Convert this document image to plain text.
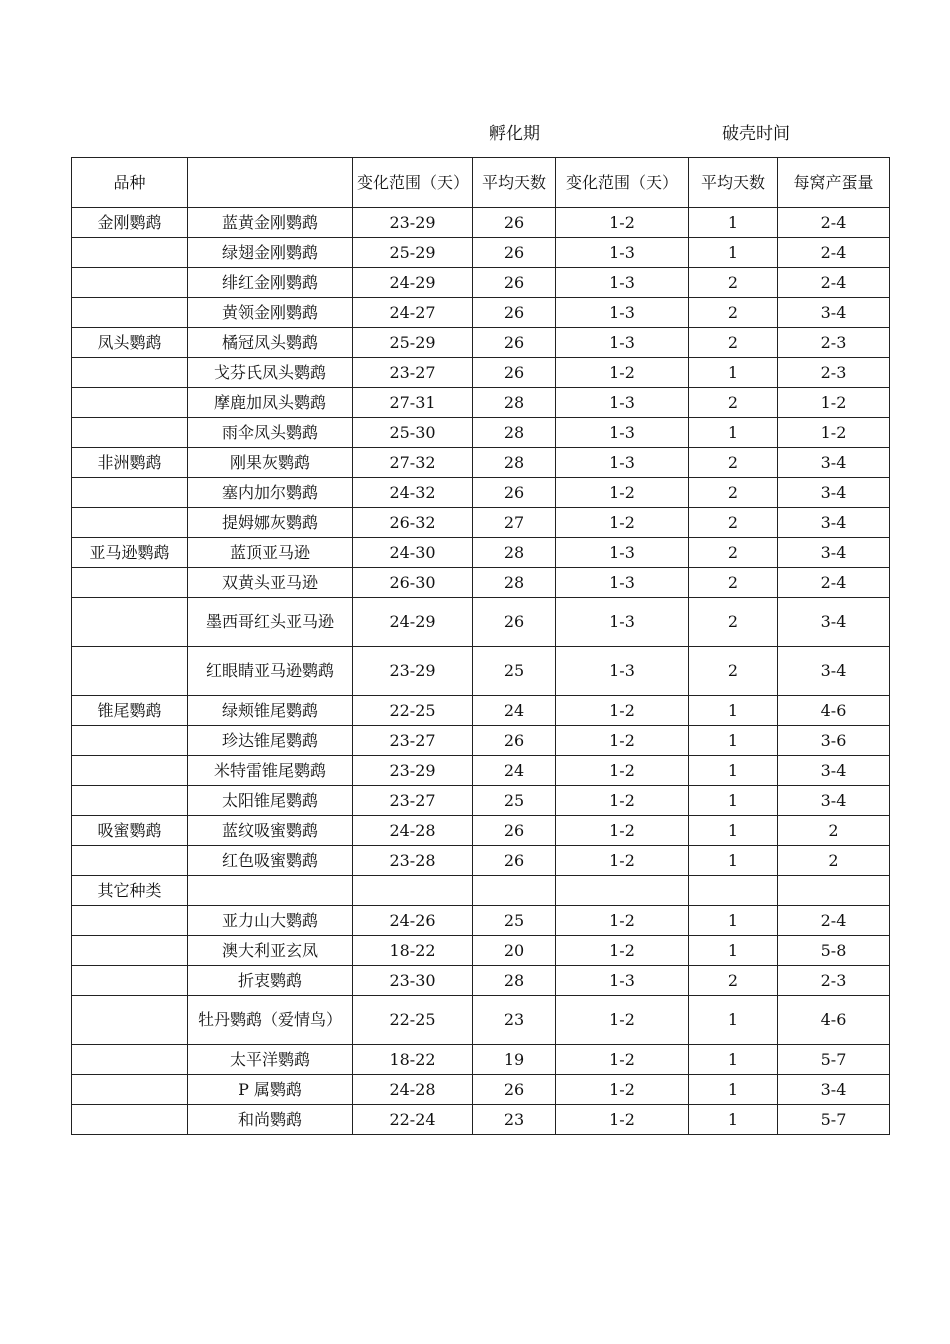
孵化期	破壳时间
品种		变化范围（天）	平均天数	变化范围（天）	平均天数	每窝产蛋量
金刚鹦鹉	蓝黄金刚鹦鹉	23-29	26	1-2	1	2-4
	绿翅金刚鹦鹉	25-29	26	1-3	1	2-4
	绯红金刚鹦鹉	24-29	26	1-3	2	2-4
	黄领金刚鹦鹉	24-27	26	1-3	2	3-4
凤头鹦鹉	橘冠凤头鹦鹉	25-29	26	1-3	2	2-3
	戈芬氏凤头鹦鹉	23-27	26	1-2	1	2-3
	摩鹿加凤头鹦鹉	27-31	28	1-3	2	1-2
	雨伞凤头鹦鹉	25-30	28	1-3	1	1-2
非洲鹦鹉	刚果灰鹦鹉	27-32	28	1-3	2	3-4
	塞内加尔鹦鹉	24-32	26	1-2	2	3-4
	提姆娜灰鹦鹉	26-32	27	1-2	2	3-4
亚马逊鹦鹉	蓝顶亚马逊	24-30	28	1-3	2	3-4
	双黄头亚马逊	26-30	28	1-3	2	2-4
	墨西哥红头亚马逊	24-29	26	1-3	2	3-4
	红眼睛亚马逊鹦鹉	23-29	25	1-3	2	3-4
锥尾鹦鹉	绿颊锥尾鹦鹉	22-25	24	1-2	1	4-6
	珍达锥尾鹦鹉	23-27	26	1-2	1	3-6
	米特雷锥尾鹦鹉	23-29	24	1-2	1	3-4
	太阳锥尾鹦鹉	23-27	25	1-2	1	3-4
吸蜜鹦鹉	蓝纹吸蜜鹦鹉	24-28	26	1-2	1	2
	红色吸蜜鹦鹉	23-28	26	1-2	1	2
其它种类						
	亚力山大鹦鹉	24-26	25	1-2	1	2-4
	澳大利亚玄凤	18-22	20	1-2	1	5-8
	折衷鹦鹉	23-30	28	1-3	2	2-3
	牡丹鹦鹉（爱情鸟）	22-25	23	1-2	1	4-6
	太平洋鹦鹉	18-22	19	1-2	1	5-7
	P 属鹦鹉	24-28	26	1-2	1	3-4
	和尚鹦鹉	22-24	23	1-2	1	5-7
